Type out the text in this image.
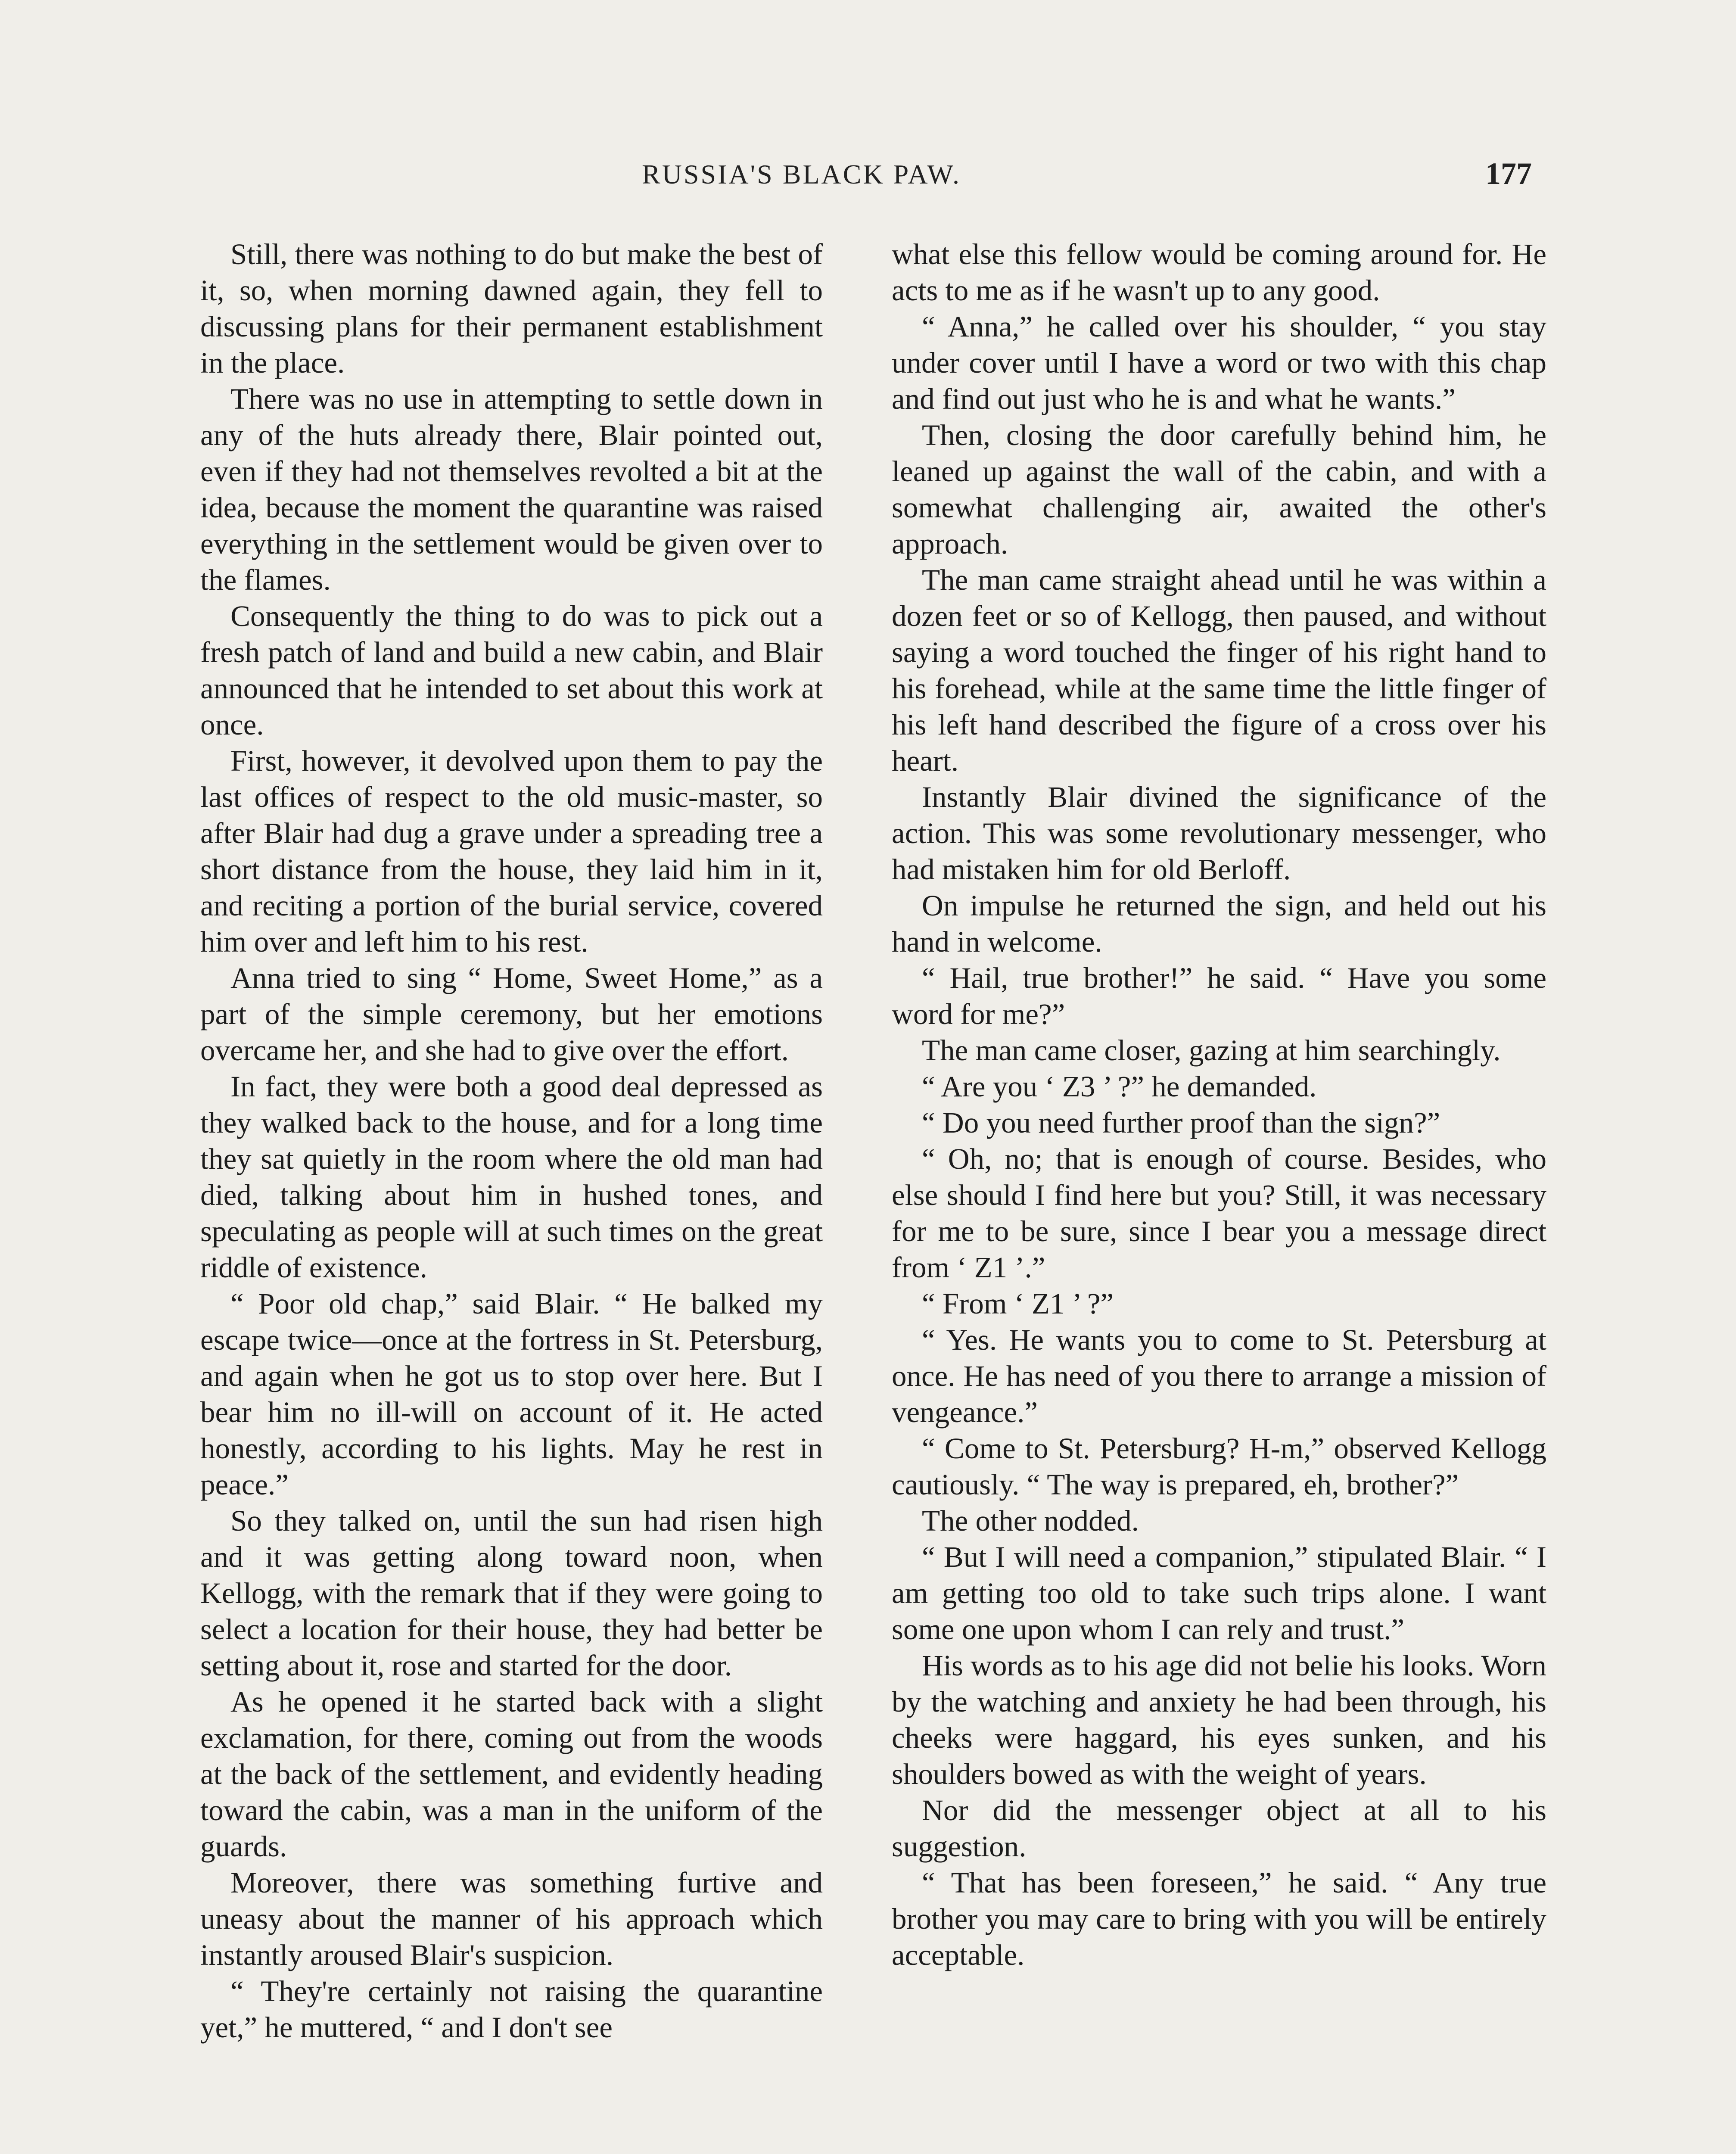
RUSSIA'S BLACK PAW.	177

Still, there was nothing to do but make the best of it, so, when morning dawned again, they fell to discussing plans for their permanent establishment in the place.

There was no use in attempting to settle down in any of the huts already there, Blair pointed out, even if they had not themselves revolted a bit at the idea, because the moment the quarantine was raised everything in the settlement would be given over to the flames.

Consequently the thing to do was to pick out a fresh patch of land and build a new cabin, and Blair announced that he intended to set about this work at once.

First, however, it devolved upon them to pay the last offices of respect to the old music-master, so after Blair had dug a grave under a spreading tree a short distance from the house, they laid him in it, and reciting a portion of the burial service, covered him over and left him to his rest.

Anna tried to sing “ Home, Sweet Home,” as a part of the simple ceremony, but her emotions overcame her, and she had to give over the effort.

In fact, they were both a good deal depressed as they walked back to the house, and for a long time they sat quietly in the room where the old man had died, talking about him in hushed tones, and speculating as people will at such times on the great riddle of existence.

“ Poor old chap,” said Blair. “ He balked my escape twice—once at the fortress in St. Petersburg, and again when he got us to stop over here. But I bear him no ill-will on account of it. He acted honestly, according to his lights. May he rest in peace.”

So they talked on, until the sun had risen high and it was getting along toward noon, when Kellogg, with the remark that if they were going to select a location for their house, they had better be setting about it, rose and started for the door.

As he opened it he started back with a slight exclamation, for there, coming out from the woods at the back of the settlement, and evidently heading toward the cabin, was a man in the uniform of the guards.

Moreover, there was something furtive and uneasy about the manner of his approach which instantly aroused Blair's suspicion.

“ They're certainly not raising the quarantine yet,” he muttered, “ and I don't see

what else this fellow would be coming around for. He acts to me as if he wasn't up to any good.

“ Anna,” he called over his shoulder, “ you stay under cover until I have a word or two with this chap and find out just who he is and what he wants.”

Then, closing the door carefully behind him, he leaned up against the wall of the cabin, and with a somewhat challenging air, awaited the other's approach.

The man came straight ahead until he was within a dozen feet or so of Kellogg, then paused, and without saying a word touched the finger of his right hand to his forehead, while at the same time the little finger of his left hand described the figure of a cross over his heart.

Instantly Blair divined the significance of the action. This was some revolutionary messenger, who had mistaken him for old Berloff.

On impulse he returned the sign, and held out his hand in welcome.

“ Hail, true brother!” he said. “ Have you some word for me?”

The man came closer, gazing at him searchingly.

“ Are you ‘ Z3 ’ ?” he demanded.

“ Do you need further proof than the sign?”

“ Oh, no; that is enough of course. Besides, who else should I find here but you? Still, it was necessary for me to be sure, since I bear you a message direct from ‘ Z1 ’.”

“ From ‘ Z1 ’ ?”

“ Yes. He wants you to come to St. Petersburg at once. He has need of you there to arrange a mission of vengeance.”

“ Come to St. Petersburg? H-m,” observed Kellogg cautiously. “ The way is prepared, eh, brother?”

The other nodded.

“ But I will need a companion,” stipulated Blair. “ I am getting too old to take such trips alone. I want some one upon whom I can rely and trust.”

His words as to his age did not belie his looks. Worn by the watching and anxiety he had been through, his cheeks were haggard, his eyes sunken, and his shoulders bowed as with the weight of years.

Nor did the messenger object at all to his suggestion.

“ That has been foreseen,” he said. “ Any true brother you may care to bring with you will be entirely acceptable.
